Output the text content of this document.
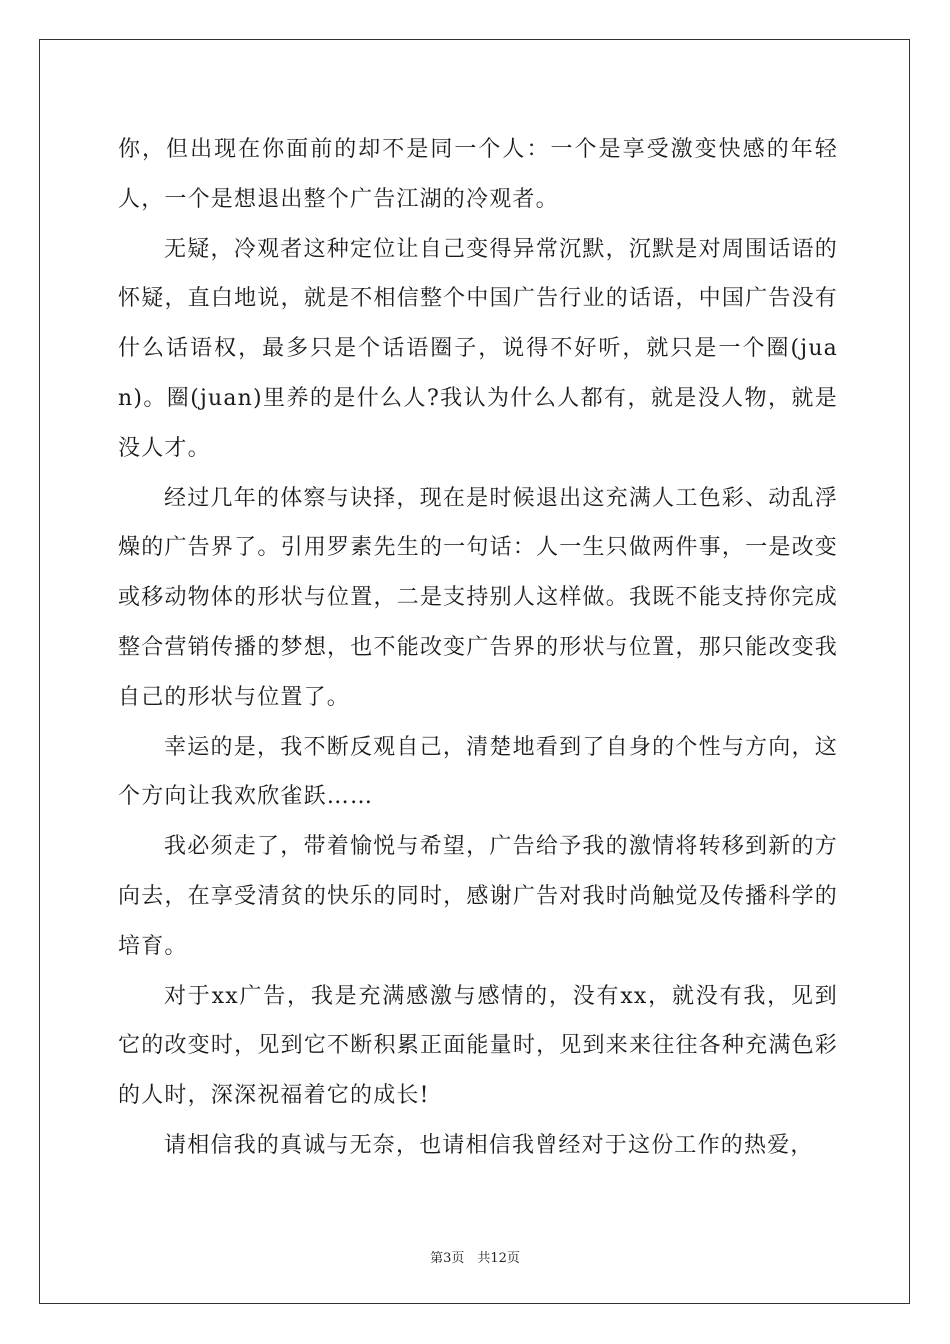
你，但出现在你面前的却不是同一个人：一个是享受激变快感的年轻人，一个是想退出整个广告江湖的冷观者。

无疑，冷观者这种定位让自己变得异常沉默，沉默是对周围话语的怀疑，直白地说，就是不相信整个中国广告行业的话语，中国广告没有什么话语权，最多只是个话语圈子，说得不好听，就只是一个圈(juan)。圈(juan)里养的是什么人?我认为什么人都有，就是没人物，就是没人才。

经过几年的体察与诀择，现在是时候退出这充满人工色彩、动乱浮燥的广告界了。引用罗素先生的一句话：人一生只做两件事，一是改变或移动物体的形状与位置，二是支持别人这样做。我既不能支持你完成整合营销传播的梦想，也不能改变广告界的形状与位置，那只能改变我自己的形状与位置了。

幸运的是，我不断反观自己，清楚地看到了自身的个性与方向，这个方向让我欢欣雀跃……

我必须走了，带着愉悦与希望，广告给予我的激情将转移到新的方向去，在享受清贫的快乐的同时，感谢广告对我时尚触觉及传播科学的培育。

对于xx广告，我是充满感激与感情的，没有xx，就没有我，见到它的改变时，见到它不断积累正面能量时，见到来来往往各种充满色彩的人时，深深祝福着它的成长!

请相信我的真诚与无奈，也请相信我曾经对于这份工作的热爱，

第3页　共12页
